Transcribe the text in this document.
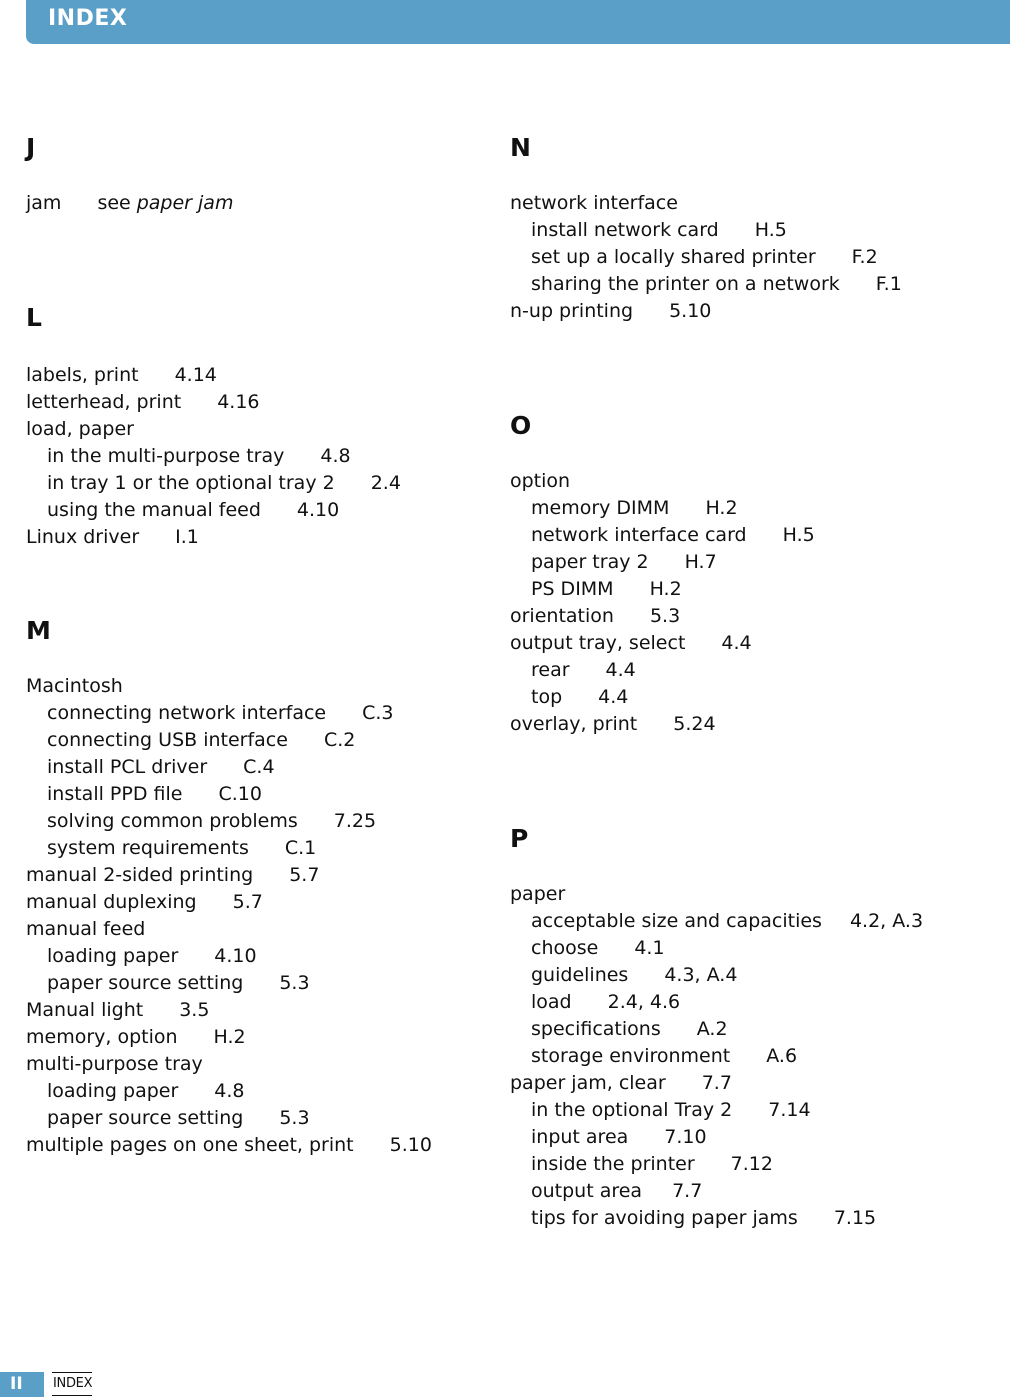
INDEX
J
jam see paper jam
L
labels, print 4.14
letterhead, print 4.16
load, paper
in the multi-purpose tray 4.8
in tray 1 or the optional tray 2 2.4
using the manual feed 4.10
Linux driver I.1
M
Macintosh
connecting network interface C.3
connecting USB interface C.2
install PCL driver C.4
install PPD file C.10
solving common problems 7.25
system requirements C.1
manual 2-sided printing 5.7
manual duplexing 5.7
manual feed
loading paper 4.10
paper source setting 5.3
Manual light 3.5
memory, option H.2
multi-purpose tray
loading paper 4.8
paper source setting 5.3
multiple pages on one sheet, print 5.10
N
network interface
install network card H.5
set up a locally shared printer F.2
sharing the printer on a network F.1
n-up printing 5.10
O
option
memory DIMM H.2
network interface card H.5
paper tray 2 H.7
PS DIMM H.2
orientation 5.3
output tray, select 4.4
rear 4.4
top 4.4
overlay, print 5.24
P
paper
acceptable size and capacities 4.2, A.3
choose 4.1
guidelines 4.3, A.4
load 2.4, 4.6
specifications A.2
storage environment A.6
paper jam, clear 7.7
in the optional Tray 2 7.14
input area 7.10
inside the printer 7.12
output area 7.7
tips for avoiding paper jams 7.15
II INDEX
